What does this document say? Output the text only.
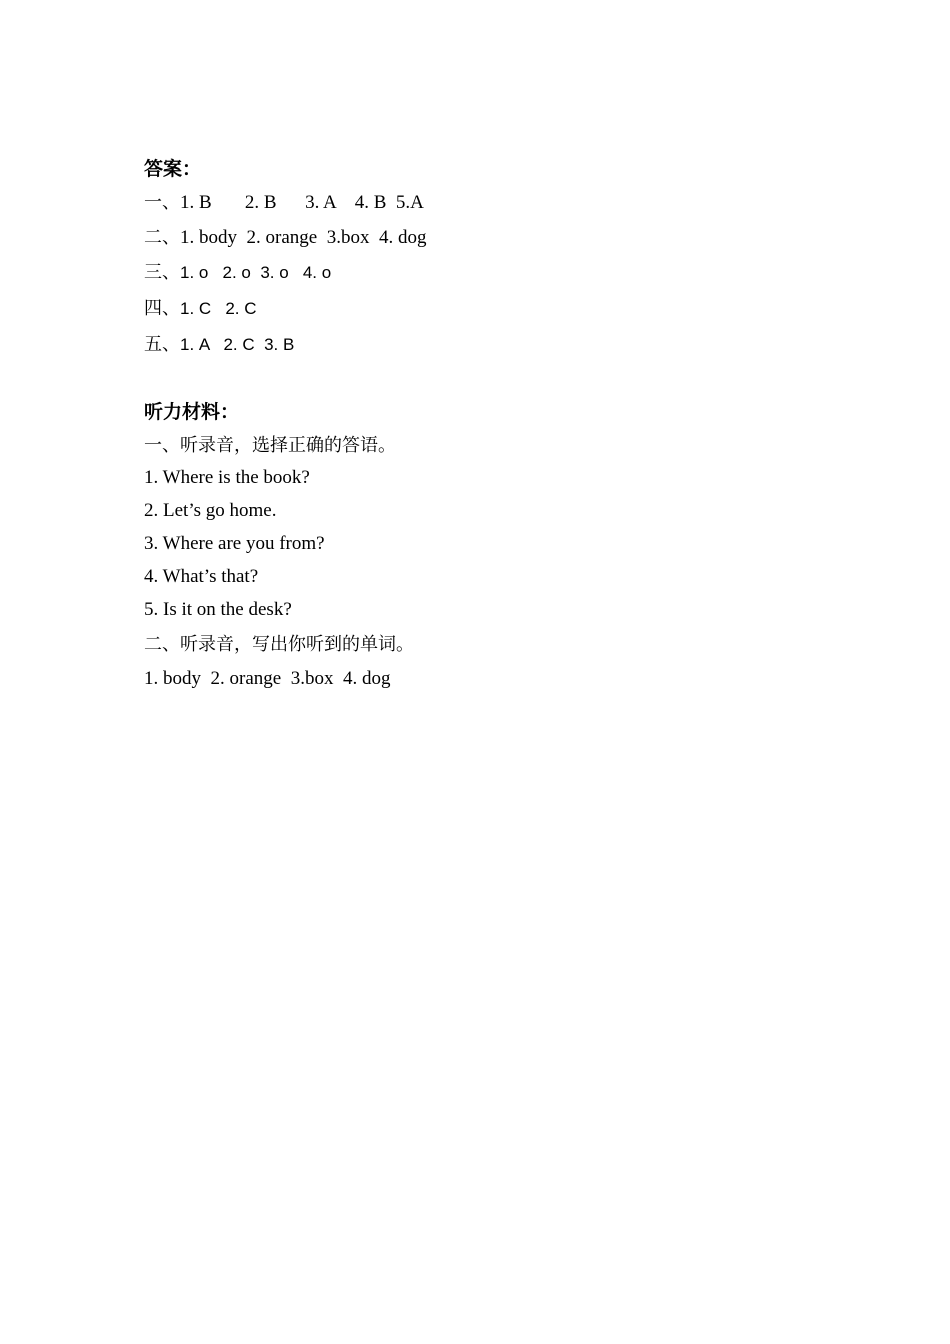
答案：
一、1. B       2. B      3. A    4. B  5.A
二、1. body  2. orange  3.box  4. dog
三、1. o   2. o  3. o   4. o
四、1. C   2. C
五、1. A   2. C  3. B
听力材料：
一、听录音，选择正确的答语。
1. Where is the book?
2. Let’s go home.
3. Where are you from?
4. What’s that?
5. Is it on the desk?
二、听录音，写出你听到的单词。
1. body  2. orange  3.box  4. dog
